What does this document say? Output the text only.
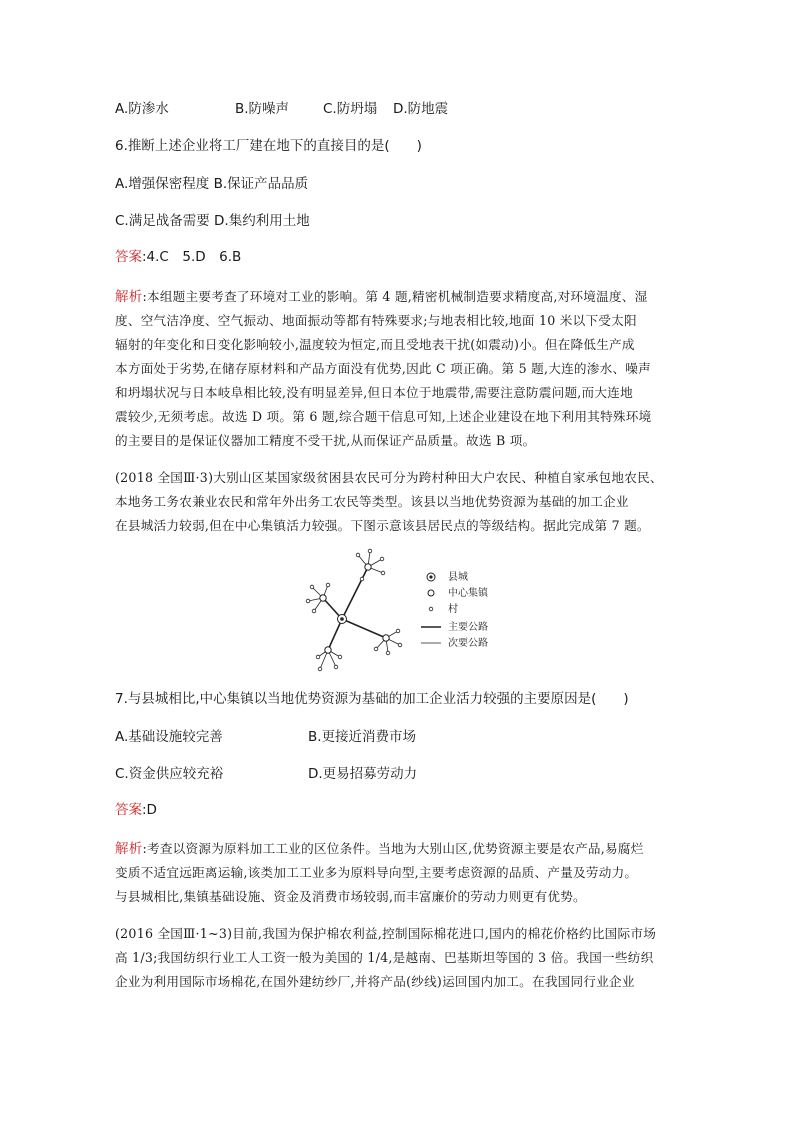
A.防渗水	B.防噪声	C.防坍塌 D.防地震
6.推断上述企业将工厂建在地下的直接目的是(　　)
A.增强保密程度 B.保证产品品质
C.满足战备需要 D.集约利用土地
答案:4.C　5.D　6.B
解析:本组题主要考查了环境对工业的影响。第 4 题,精密机械制造要求精度高,对环境温度、湿
度、空气洁净度、空气振动、地面振动等都有特殊要求;与地表相比较,地面 10 米以下受太阳
辐射的年变化和日变化影响较小,温度较为恒定,而且受地表干扰(如震动)小。但在降低生产成
本方面处于劣势,在储存原材料和产品方面没有优势,因此 C 项正确。第 5 题,大连的渗水、噪声
和坍塌状况与日本岐阜相比较,没有明显差异,但日本位于地震带,需要注意防震问题,而大连地
震较少,无须考虑。故选 D 项。第 6 题,综合题干信息可知,上述企业建设在地下利用其特殊环境
的主要目的是保证仪器加工精度不受干扰,从而保证产品质量。故选 B 项。
(2018 全国Ⅲ·3)大别山区某国家级贫困县农民可分为跨村种田大户农民、种植自家承包地农民、
本地务工务农兼业农民和常年外出务工农民等类型。该县以当地优势资源为基础的加工企业
在县城活力较弱,但在中心集镇活力较强。下图示意该县居民点的等级结构。据此完成第 7 题。
县城
中心集镇
村
主要公路
次要公路
7.与县城相比,中心集镇以当地优势资源为基础的加工企业活力较强的主要原因是(　　)
A.基础设施较完善	B.更接近消费市场
C.资金供应较充裕	D.更易招募劳动力
答案:D
解析:考查以资源为原料加工工业的区位条件。当地为大别山区,优势资源主要是农产品,易腐烂
变质不适宜远距离运输,该类加工工业多为原料导向型,主要考虑资源的品质、产量及劳动力。
与县城相比,集镇基础设施、资金及消费市场较弱,而丰富廉价的劳动力则更有优势。
(2016 全国Ⅲ·1~3)目前,我国为保护棉农利益,控制国际棉花进口,国内的棉花价格约比国际市场
高 1/3;我国纺织行业工人工资一般为美国的 1/4,是越南、巴基斯坦等国的 3 倍。我国一些纺织
企业为利用国际市场棉花,在国外建纺纱厂,并将产品(纱线)运回国内加工。在我国同行业企业
